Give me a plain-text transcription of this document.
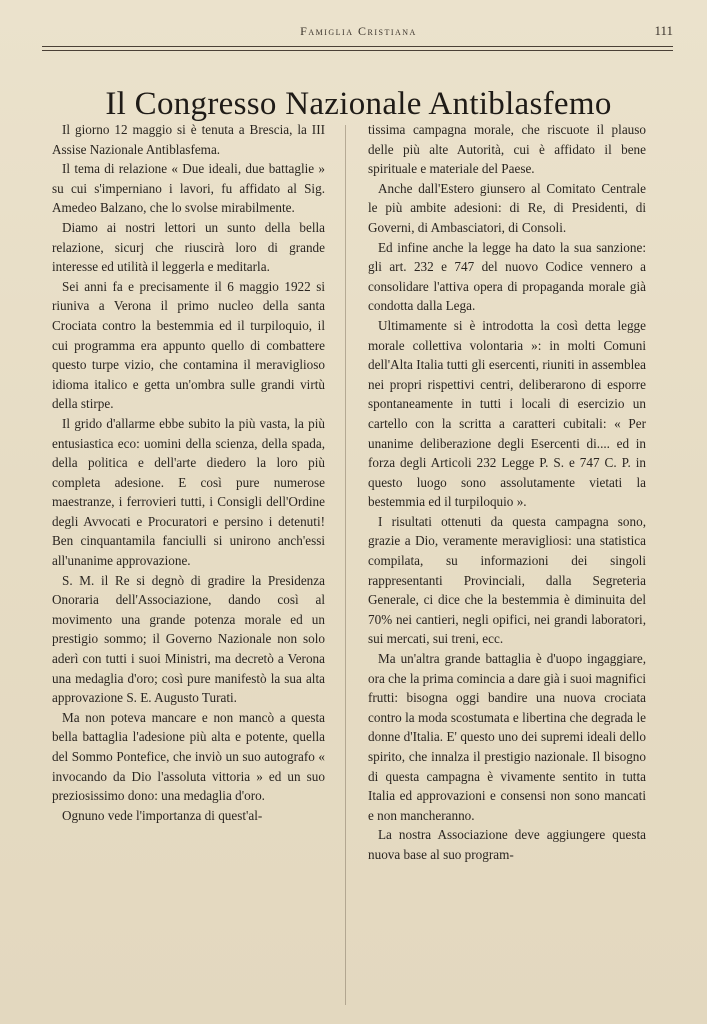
Famiglia Cristiana	111
Il Congresso Nazionale Antiblasfemo

Il giorno 12 maggio si è tenuta a Brescia, la III Assise Nazionale Antiblasfema.

Il tema di relazione « Due ideali, due battaglie » su cui s'imperniano i lavori, fu affidato al Sig. Amedeo Balzano, che lo svolse mirabilmente.

Diamo ai nostri lettori un sunto della bella relazione, sicurj che riuscirà loro di grande interesse ed utilità il leggerla e meditarla.

Sei anni fa e precisamente il 6 maggio 1922 si riuniva a Verona il primo nucleo della santa Crociata contro la bestemmia ed il turpiloquio, il cui programma era appunto quello di combattere questo turpe vizio, che contamina il meraviglioso idioma italico e getta un'ombra sulle grandi virtù della stirpe.

Il grido d'allarme ebbe subito la più vasta, la più entusiastica eco: uomini della scienza, della spada, della politica e dell'arte diedero la loro più completa adesione. E così pure numerose maestranze, i ferrovieri tutti, i Consigli dell'Ordine degli Avvocati e Procuratori e persino i detenuti! Ben cinquantamila fanciulli si unirono anch'essi all'unanime approvazione.

S. M. il Re si degnò di gradire la Presidenza Onoraria dell'Associazione, dando così al movimento una grande potenza morale ed un prestigio sommo; il Governo Nazionale non solo aderì con tutti i suoi Ministri, ma decretò a Verona una medaglia d'oro; così pure manifestò la sua alta approvazione S. E. Augusto Turati.

Ma non poteva mancare e non mancò a questa bella battaglia l'adesione più alta e potente, quella del Sommo Pontefice, che inviò un suo autografo « invocando da Dio l'assoluta vittoria » ed un suo preziosissimo dono: una medaglia d'oro.

Ognuno vede l'importanza di quest'al-

tissima campagna morale, che riscuote il plauso delle più alte Autorità, cui è affidato il bene spirituale e materiale del Paese.

Anche dall'Estero giunsero al Comitato Centrale le più ambite adesioni: di Re, di Presidenti, di Governi, di Ambasciatori, di Consoli.

Ed infine anche la legge ha dato la sua sanzione: gli art. 232 e 747 del nuovo Codice vennero a consolidare l'attiva opera di propaganda morale già condotta dalla Lega.

Ultimamente si è introdotta la così detta legge morale collettiva volontaria »: in molti Comuni dell'Alta Italia tutti gli esercenti, riuniti in assemblea nei propri rispettivi centri, deliberarono di esporre spontaneamente in tutti i locali di esercizio un cartello con la scritta a caratteri cubitali: « Per unanime deliberazione degli Esercenti di.... ed in forza degli Articoli 232 Legge P. S. e 747 C. P. in questo luogo sono assolutamente vietati la bestemmia ed il turpiloquio ».

I risultati ottenuti da questa campagna sono, grazie a Dio, veramente meravigliosi: una statistica compilata, su informazioni dei singoli rappresentanti Provinciali, dalla Segreteria Generale, ci dice che la bestemmia è diminuita del 70% nei cantieri, negli opifici, nei grandi laboratori, sui mercati, sui treni, ecc.

Ma un'altra grande battaglia è d'uopo ingaggiare, ora che la prima comincia a dare già i suoi magnifici frutti: bisogna oggi bandire una nuova crociata contro la moda scostumata e libertina che degrada le donne d'Italia. E' questo uno dei supremi ideali dello spirito, che innalza il prestigio nazionale. Il bisogno di questa campagna è vivamente sentito in tutta Italia ed approvazioni e consensi non sono mancati e non mancheranno.

La nostra Associazione deve aggiungere questa nuova base al suo program-
